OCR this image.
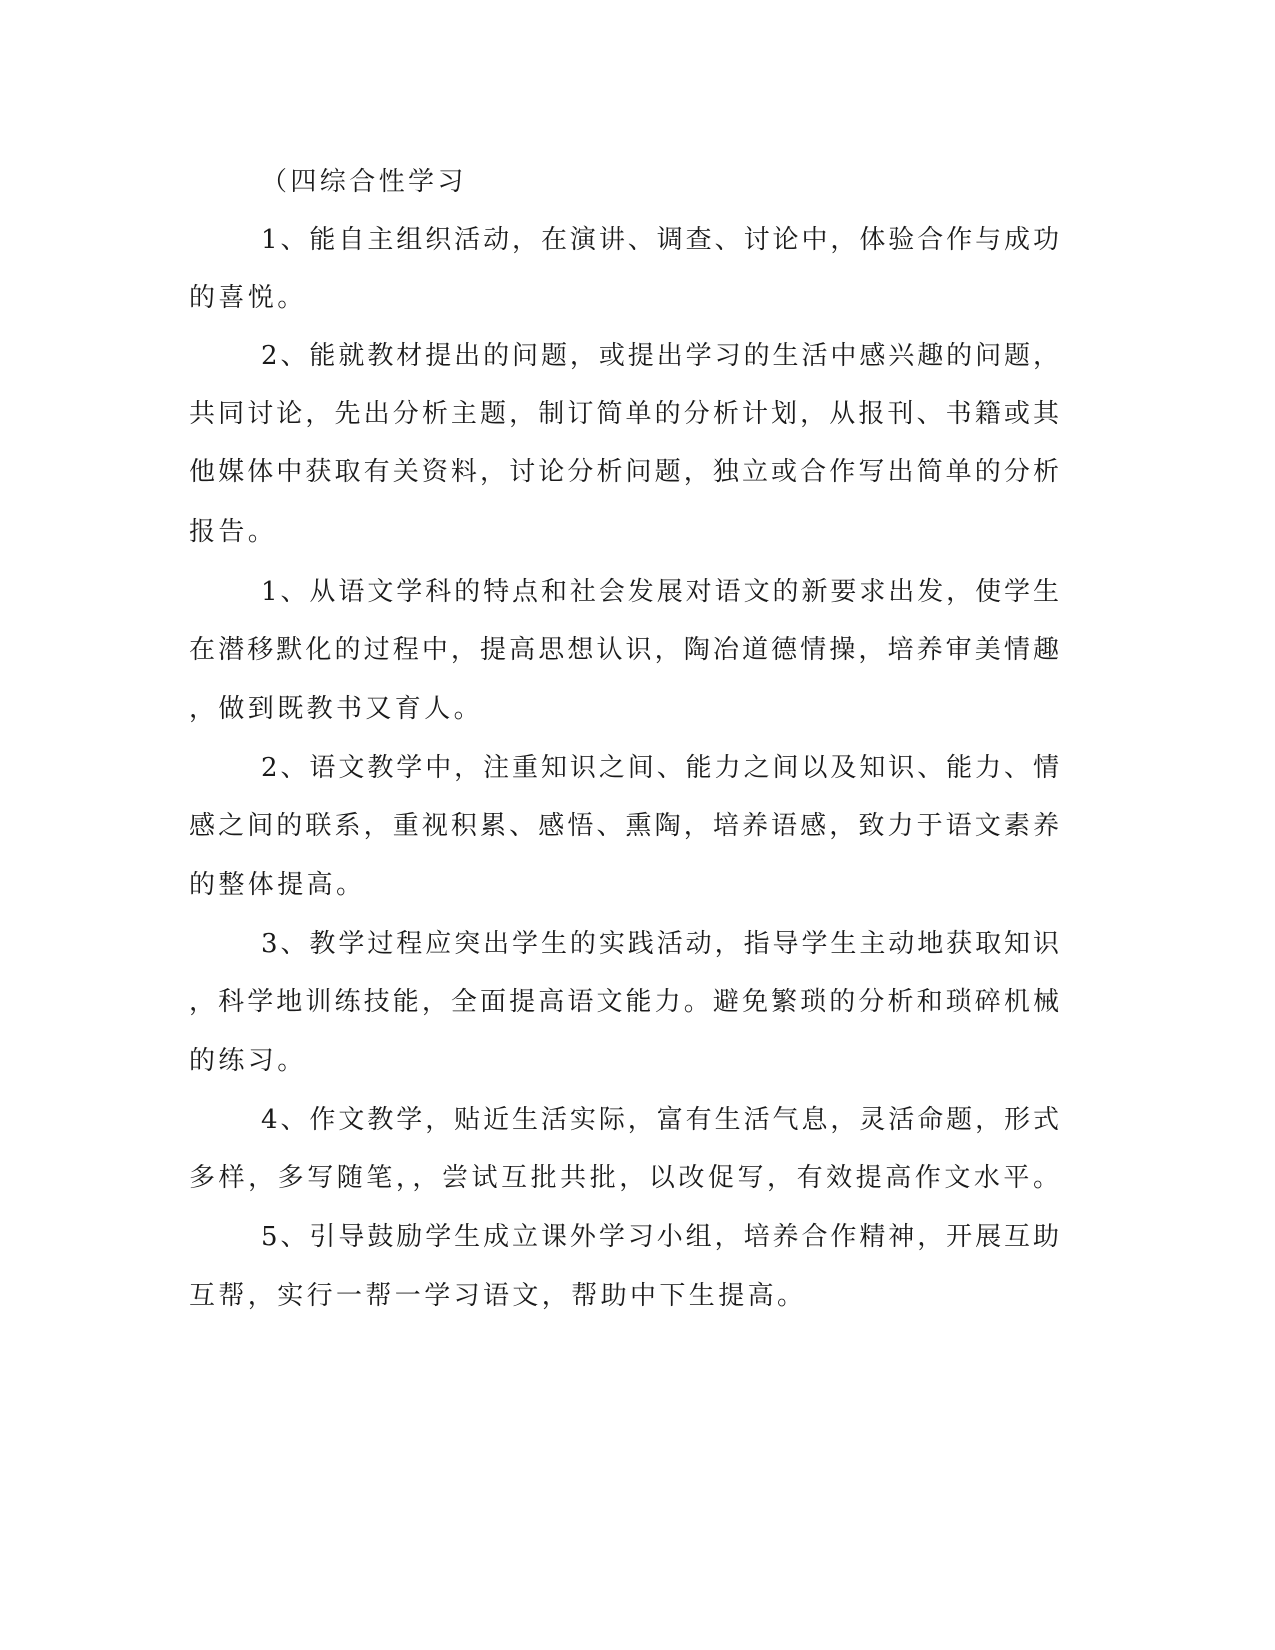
（四综合性学习

1、能自主组织活动，在演讲、调查、讨论中，体验合作与成功

的喜悦。

2、能就教材提出的问题，或提出学习的生活中感兴趣的问题，

共同讨论，先出分析主题，制订简单的分析计划，从报刊、书籍或其

他媒体中获取有关资料，讨论分析问题，独立或合作写出简单的分析

报告。

1、从语文学科的特点和社会发展对语文的新要求出发，使学生

在潜移默化的过程中，提高思想认识，陶冶道德情操，培养审美情趣

，做到既教书又育人。

2、语文教学中，注重知识之间、能力之间以及知识、能力、情

感之间的联系，重视积累、感悟、熏陶，培养语感，致力于语文素养

的整体提高。

3、教学过程应突出学生的实践活动，指导学生主动地获取知识

，科学地训练技能，全面提高语文能力。避免繁琐的分析和琐碎机械

的练习。

4、作文教学，贴近生活实际，富有生活气息，灵活命题，形式

多样，多写随笔，，尝试互批共批，以改促写，有效提高作文水平。

5、引导鼓励学生成立课外学习小组，培养合作精神，开展互助

互帮，实行一帮一学习语文，帮助中下生提高。
